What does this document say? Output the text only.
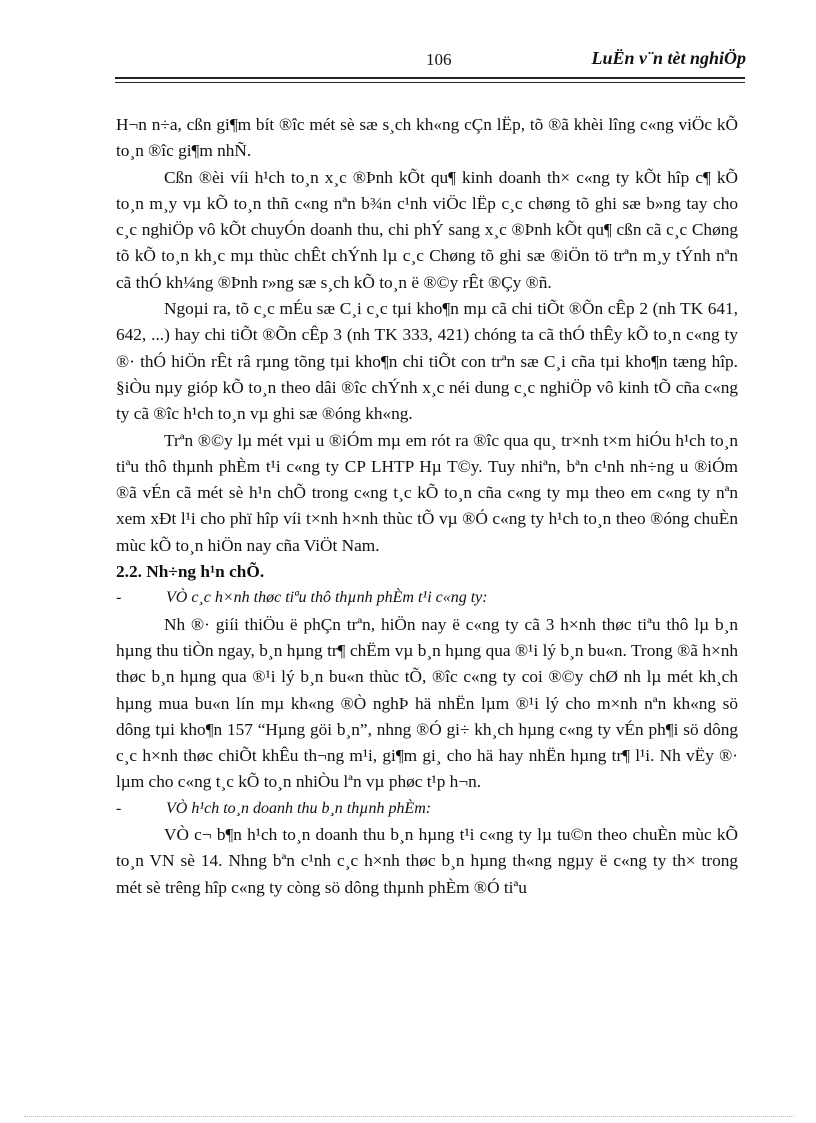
106	LuËn v¨n tèt nghiÖp

H¬n n÷a, cßn gi¶m bít ®îc mét sè sæ s¸ch kh«ng cÇn lËp, tõ ®ã khèi lîng c«ng viÖc kÕ to¸n ®îc gi¶m nhÑ.

Cßn ®èi víi h¹ch to¸n x¸c ®Þnh kÕt qu¶ kinh doanh th× c«ng ty kÕt hîp c¶ kÕ to¸n m¸y vµ kÕ to¸n thñ c«ng nªn b¾n c¹nh viÖc lËp c¸c chøng tõ ghi sæ b»ng tay cho c¸c nghiÖp vô kÕt chuyÓn doanh thu, chi phÝ sang x¸c ®Þnh kÕt qu¶ cßn cã c¸c Chøng tõ kÕ to¸n kh¸c mµ thùc chÊt chÝnh lµ c¸c Chøng tõ ghi sæ ®iÖn tö trªn m¸y tÝnh nªn cã thÓ kh¼ng ®Þnh r»ng sæ s¸ch kÕ to¸n ë ®©y rÊt ®Çy ®ñ.

Ngoµi ra, tõ c¸c mÉu sæ C¸i c¸c tµi kho¶n mµ cã chi tiÕt ®Õn cÊp 2 (nh TK 641, 642, ...) hay chi tiÕt ®Õn cÊp 3 (nh TK 333, 421) chóng ta cã thÓ thÊy kÕ to¸n c«ng ty ®· thÓ hiÖn rÊt râ rµng tõng tµi kho¶n chi tiÕt con trªn sæ C¸i cña tµi kho¶n tæng hîp. §iÒu nµy gióp kÕ to¸n theo dâi ®îc chÝnh x¸c néi dung c¸c nghiÖp vô kinh tÕ cña c«ng ty cã ®îc h¹ch to¸n vµ ghi sæ ®óng kh«ng.

Trªn ®©y lµ mét vµi u ®iÓm mµ em rót ra ®îc qua qu¸ tr×nh t×m hiÓu h¹ch to¸n tiªu thô thµnh phÈm t¹i c«ng ty CP LHTP Hµ T©y. Tuy nhiªn, bªn c¹nh nh÷ng u ®iÓm ®ã vÉn cã mét sè h¹n chÕ trong c«ng t¸c kÕ to¸n cña c«ng ty mµ theo em c«ng ty nªn xem xÐt l¹i cho phï hîp víi t×nh h×nh thùc tÕ vµ ®Ó c«ng ty h¹ch to¸n theo ®óng chuÈn mùc kÕ to¸n hiÖn nay cña ViÖt Nam.

2.2. Nh÷ng h¹n chÕ.

-	VÒ c¸c h×nh thøc tiªu thô thµnh phÈm t¹i c«ng ty:

Nh ®· giíi thiÖu ë phÇn trªn, hiÖn nay ë c«ng ty cã 3 h×nh thøc tiªu thô lµ b¸n hµng thu tiÒn ngay, b¸n hµng tr¶ chËm vµ b¸n hµng qua ®¹i lý b¸n bu«n. Trong ®ã h×nh thøc b¸n hµng qua ®¹i lý b¸n bu«n thùc tÕ, ®îc c«ng ty coi ®©y chØ nh lµ mét kh¸ch hµng mua bu«n lín mµ kh«ng ®Ò nghÞ hä nhËn lµm ®¹i lý cho m×nh nªn kh«ng sö dông tµi kho¶n 157 “Hµng göi b¸n”, nhng ®Ó gi÷ kh¸ch hµng c«ng ty vÉn ph¶i sö dông c¸c h×nh thøc chiÕt khÊu th¬ng m¹i, gi¶m gi¸ cho hä hay nhËn hµng tr¶ l¹i. Nh vËy ®· lµm cho c«ng t¸c kÕ to¸n nhiÒu lªn vµ phøc t¹p h¬n.

-	VÒ h¹ch to¸n doanh thu b¸n thµnh phÈm:

VÒ c¬ b¶n h¹ch to¸n doanh thu b¸n hµng t¹i c«ng ty lµ tu©n theo chuÈn mùc kÕ to¸n VN sè 14. Nhng bªn c¹nh c¸c h×nh thøc b¸n hµng th«ng ngµy ë c«ng ty th× trong mét sè trêng hîp c«ng ty còng sö dông thµnh phÈm ®Ó tiªu
